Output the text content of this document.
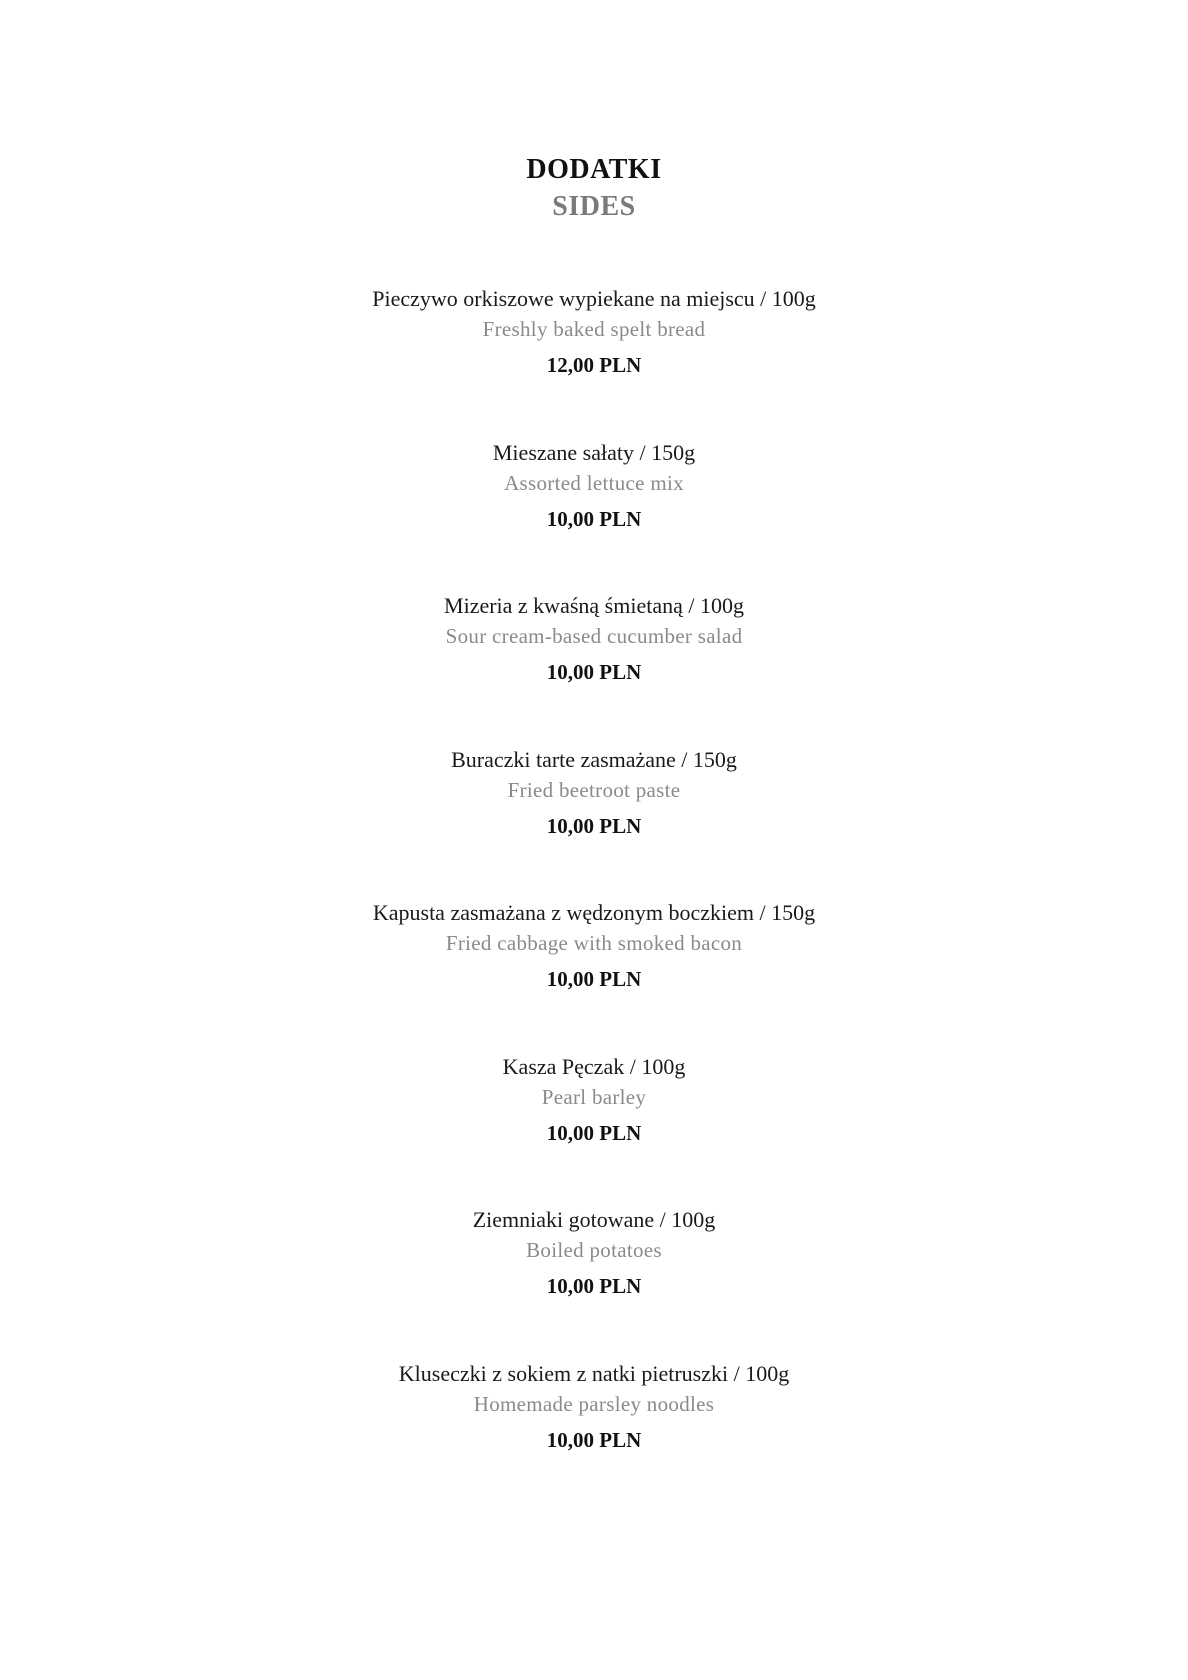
DODATKI
SIDES
Pieczywo orkiszowe wypiekane na miejscu / 100g
Freshly baked spelt bread
12,00 PLN
Mieszane sałaty / 150g
Assorted lettuce mix
10,00 PLN
Mizeria z kwaśną śmietaną / 100g
Sour cream-based cucumber salad
10,00 PLN
Buraczki tarte zasmażane / 150g
Fried beetroot paste
10,00 PLN
Kapusta zasmażana z wędzonym boczkiem / 150g
Fried cabbage with smoked bacon
10,00 PLN
Kasza Pęczak / 100g
Pearl barley
10,00 PLN
Ziemniaki gotowane / 100g
Boiled potatoes
10,00 PLN
Kluseczki z sokiem z natki pietruszki / 100g
Homemade parsley noodles
10,00 PLN
